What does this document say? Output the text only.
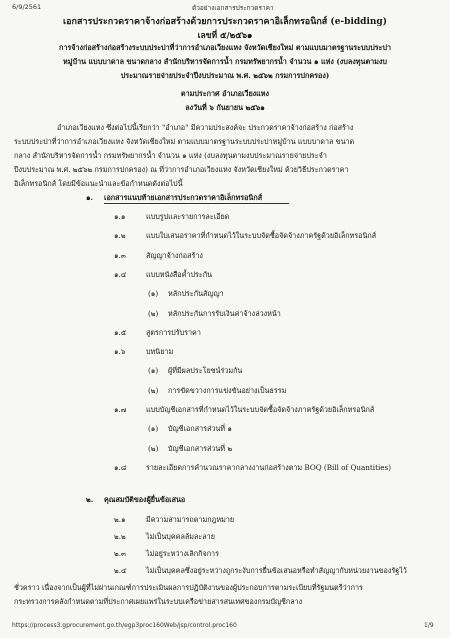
6/9/2561	ตัวอย่างเอกสารประกวดราคา
เอกสารประกวดราคาจ้างก่อสร้างด้วยการประกวดราคาอิเล็กทรอนิกส์ (e-bidding)
เลขที่ ๕/๒๕๖๑
การจ้างก่อสร้างก่อสร้างระบบประปาที่ว่าการอำเภอเวียงแหง จังหวัดเชียงใหม่ ตามแบบมาตรฐานระบบประปา
หมู่บ้าน แบบบาดาล ขนาดกลาง สำนักบริหารจัดการน้ำ กรมทรัพยากรน้ำ จำนวน ๑ แห่ง (งบลงทุนตามงบ
ประมาณรายจ่ายประจำปีงบประมาณ พ.ศ. ๒๕๖๒ กรมการปกครอง)
ตามประกาศ อำเภอเวียงแหง
ลงวันที่ ๖ กันยายน ๒๕๖๑
อำเภอเวียงแหง ซึ่งต่อไปนี้เรียกว่า "อำเภอ" มีความประสงค์จะ ประกวดราคาจ้างก่อสร้าง ก่อสร้าง
ระบบประปาที่ว่าการอำเภอเวียงแหง จังหวัดเชียงใหม่ ตามแบบมาตรฐานระบบประปาหมู่บ้าน แบบบาดาล ขนาด
กลาง สำนักบริหารจัดการน้ำ กรมทรัพยากรน้ำ จำนวน ๑ แห่ง (งบลงทุนตามงบประมาณรายจ่ายประจำ
ปีงบประมาณ พ.ศ. ๒๕๖๒ กรมการปกครอง) ณ ที่ว่าการอำเภอเวียงแหง จังหวัดเชียงใหม่ ด้วยวิธีประกวดราคา
อิเล็กทรอนิกส์ โดยมีข้อแนะนำและข้อกำหนดดังต่อไปนี้
๑. เอกสารแนบท้ายเอกสารประกวดราคาอิเล็กทรอนิกส์
๑.๑	แบบรูปและรายการละเอียด
๑.๒	แบบใบเสนอราคาที่กำหนดไว้ในระบบจัดซื้อจัดจ้างภาครัฐด้วยอิเล็กทรอนิกส์
๑.๓	สัญญาจ้างก่อสร้าง
๑.๔	แบบหนังสือค้ำประกัน
(๑) หลักประกันสัญญา
(๒) หลักประกันการรับเงินค่าจ้างล่วงหน้า
๑.๕	สูตรการปรับราคา
๑.๖	บทนิยาม
(๑) ผู้ที่มีผลประโยชน์ร่วมกัน
(๒) การขัดขวางการแข่งขันอย่างเป็นธรรม
๑.๗	แบบบัญชีเอกสารที่กำหนดไว้ในระบบจัดซื้อจัดจ้างภาครัฐด้วยอิเล็กทรอนิกส์
(๑) บัญชีเอกสารส่วนที่ ๑
(๒) บัญชีเอกสารส่วนที่ ๒
๑.๘	รายละเอียดการคำนวณราคากลางงานก่อสร้างตาม BOQ (Bill of Quantities)
๒. คุณสมบัติของผู้ยื่นข้อเสนอ
๒.๑	มีความสามารถตามกฎหมาย
๒.๒	ไม่เป็นบุคคลล้มละลาย
๒.๓	ไม่อยู่ระหว่างเลิกกิจการ
๒.๔	ไม่เป็นบุคคลซึ่งอยู่ระหว่างถูกระงับการยื่นข้อเสนอหรือทำสัญญากับหน่วยงานของรัฐไว้
ชั่วคราว เนื่องจากเป็นผู้ที่ไม่ผ่านเกณฑ์การประเมินผลการปฏิบัติงานของผู้ประกอบการตามระเบียบที่รัฐมนตรีว่าการ
กระทรวงการคลังกำหนดตามที่ประกาศเผยแพร่ในระบบเครือข่ายสารสนเทศของกรมบัญชีกลาง
https://process3.gprocurement.go.th/egp3proc160Web/jsp/control.proc160	1/9
